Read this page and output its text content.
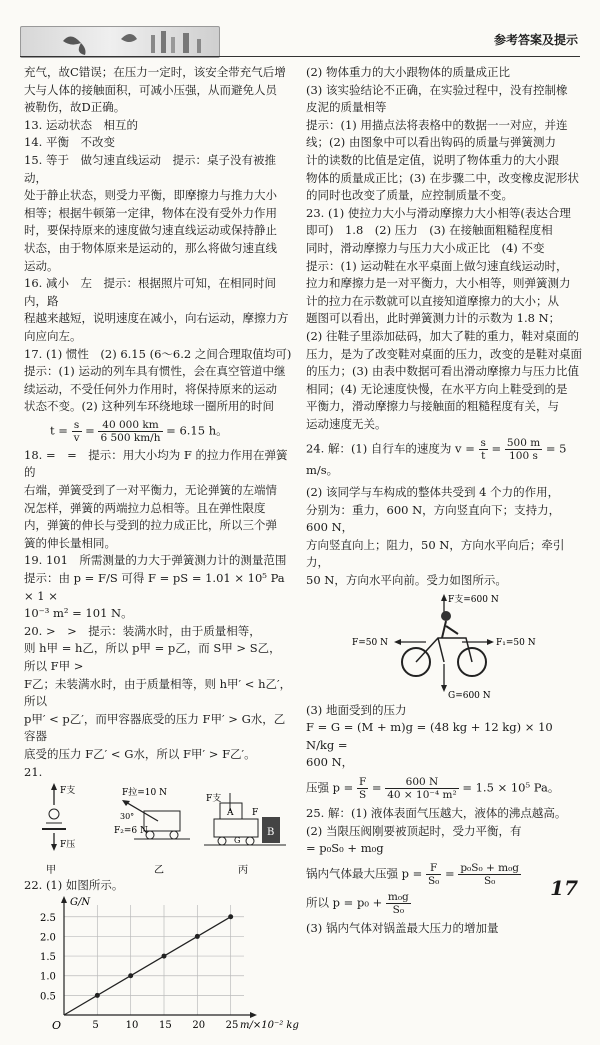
参考答案及提示

充气，故C错误；在压力一定时，该安全带充气后增

大与人体的接触面积，可减小压强，从而避免人员

被勒伤，故D正确。

13. 运动状态　相互的

14. 平衡　不改变

15. 等于　做匀速直线运动　提示：桌子没有被推动，

处于静止状态，则受力平衡，即摩擦力与推力大小

相等；根据牛顿第一定律，物体在没有受外力作用

时，要保持原来的速度做匀速直线运动或保持静止

状态，由于物体原来是运动的，那么将做匀速直线

运动。

16. 减小　左　提示：根据照片可知，在相同时间内，路

程越来越短，说明速度在减小，向右运动，摩擦力方

向应向左。

17. (1) 惯性　(2) 6.15 (6～6.2 之间合理取值均可)

提示：(1) 运动的列车具有惯性，会在真空管道中继

续运动，不受任何外力作用时，将保持原来的运动

状态不变。(2) 这种列车环绕地球一圈所用的时间

$t = \frac{s}{v} = \frac{40 000 km}{6 500 km/h} = 6.15$ h。

18. =　=　提示：用大小均为 F 的拉力作用在弹簧的

右端，弹簧受到了一对平衡力，无论弹簧的左端情

况怎样，弹簧的两端拉力总相等。且在弹性限度

内，弹簧的伸长与受到的拉力成正比，所以三个弹

簧的伸长量相同。

19. 101　所需测量的力大于弹簧测力计的测量范围

提示：由 p = F/S 可得 F = pS = 1.01 × 10⁵ Pa × 1 ×

10⁻³ m² = 101 N。

20. >　>　提示：装满水时，由于质量相等，

则 h甲 = h乙，所以 p甲 = p乙，而 S甲 > S乙，所以 F甲 >

F乙；未装满水时，由于质量相等，则 h甲′ < h乙′，所以

p甲′ < p乙′，而甲容器底受的压力 F甲′ > G水，乙容器

底受的压力 F乙′ < G水，所以 F甲′ > F乙′。

21.

F支
F压
甲
F拉=10 N
30°
F₂=6 N
乙
F支
A F
丙
B
G

22. (1) 如图所示。

5	10 15 20 25
0.5
1.0
1.5
2.0
2.5
O
G/N
m/×10⁻² kg

(2) 物体重力的大小跟物体的质量成正比

(3) 该实验结论不正确，在实验过程中，没有控制橡

皮泥的质量相等

提示：(1) 用描点法将表格中的数据一一对应，并连

线；(2) 由图象中可以看出钩码的质量与弹簧测力

计的读数的比值是定值，说明了物体重力的大小跟

物体的质量成正比；(3) 在步骤二中，改变橡皮泥形状

的同时也改变了质量，应控制质量不变。

23. (1) 使拉力大小与滑动摩擦力大小相等(表达合理

即可)　1.8　(2) 压力　(3) 在接触面粗糙程度相

同时，滑动摩擦力与压力大小成正比　(4) 不变

提示：(1) 运动鞋在水平桌面上做匀速直线运动时，

拉力和摩擦力是一对平衡力，大小相等，则弹簧测力

计的拉力在示数就可以直接知道摩擦力的大小；从

题图可以看出，此时弹簧测力计的示数为 1.8 N；

(2) 往鞋子里添加砝码，加大了鞋的重力，鞋对桌面的

压力，是为了改变鞋对桌面的压力，改变的是鞋对桌面

的压力；(3) 由表中数据可看出滑动摩擦力与压力比值

相同；(4) 无论速度快慢，在水平方向上鞋受到的是

平衡力，滑动摩擦力与接触面的粗糙程度有关，与

运动速度无关。

24. 解：(1) 自行车的速度为 $v = \frac{s}{t} = \frac{500 m}{100 s} = 5$ m/s。

(2) 该同学与车构成的整体共受到 4 个力的作用，

分别为：重力，600 N，方向竖直向下；支持力，600 N，

方向竖直向上；阻力，50 N，方向水平向后；牵引力，

50 N，方向水平向前。受力如图所示。

F支=600 N
F=50 N	F₁=50 N
G=600 N

(3) 地面受到的压力

F = G = (M + m)g = (48 kg + 12 kg) × 10 N/kg =

600 N，

压强 $p = \frac{F}{S} = \frac{600 N}{\text{40 × 10⁻⁴ m²}} = 1.5 \times 10^5$ Pa。

25. 解：(1) 液体表面气压越大，液体的沸点越高。

(2) 当限压阀刚要被顶起时，受力平衡，有

= p₀S₀ + m₀g

锅内气体最大压强 $p = \frac{F}{\text{S₀}} = \frac{\text{p₀S₀ + m₀g}}{\text{S₀}}$

所以 $p = p_0 + \frac{\text{m₀g}}{\text{S₀}}$

(3) 锅内气体对锅盖最大压力的增加量

17
